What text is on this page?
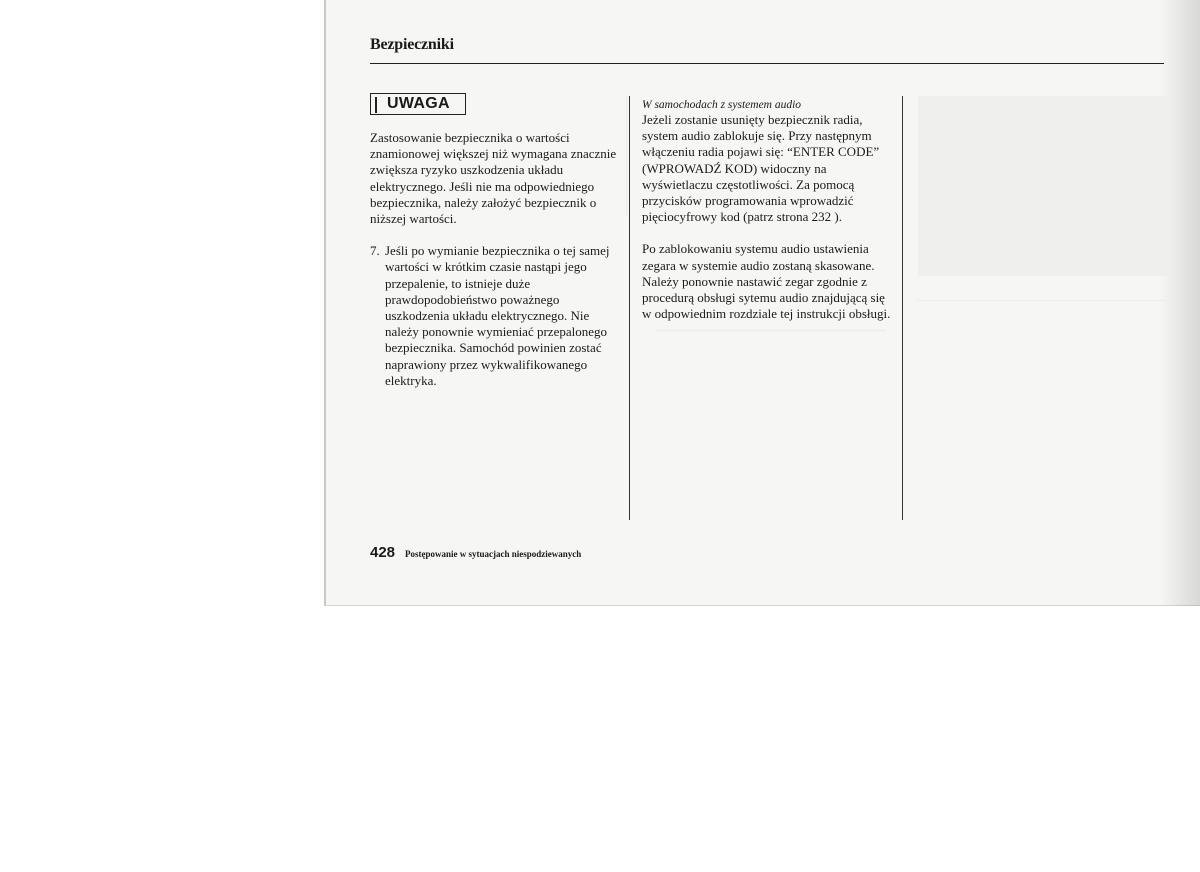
Bezpieczniki
UWAGA

Zastosowanie bezpiecznika o wartości znamionowej większej niż wymagana znacznie zwiększa ryzyko uszkodzenia układu elektrycznego. Jeśli nie ma odpowiedniego bezpiecznika, należy założyć bezpiecznik o niższej wartości.

7. Jeśli po wymianie bezpiecznika o tej samej wartości w krótkim czasie nastąpi jego przepalenie, to istnieje duże prawdopodobieństwo poważnego uszkodzenia układu elektrycznego. Nie należy ponownie wymieniać przepalonego bezpiecznika. Samochód powinien zostać naprawiony przez wykwalifikowanego elektryka.

W samochodach z systemem audio

Jeżeli zostanie usunięty bezpiecznik radia, system audio zablokuje się. Przy następnym włączeniu radia pojawi się: “ENTER CODE” (WPROWADŹ KOD) widoczny na wyświetlaczu częstotliwości. Za pomocą przycisków programowania wprowadzić pięciocyfrowy kod (patrz strona 232 ).

Po zablokowaniu systemu audio ustawienia zegara w systemie audio zostaną skasowane. Należy ponownie nastawić zegar zgodnie z procedurą obsługi sytemu audio znajdującą się w odpowiednim rozdziale tej instrukcji obsługi.

428 Postępowanie w sytuacjach niespodziewanych
